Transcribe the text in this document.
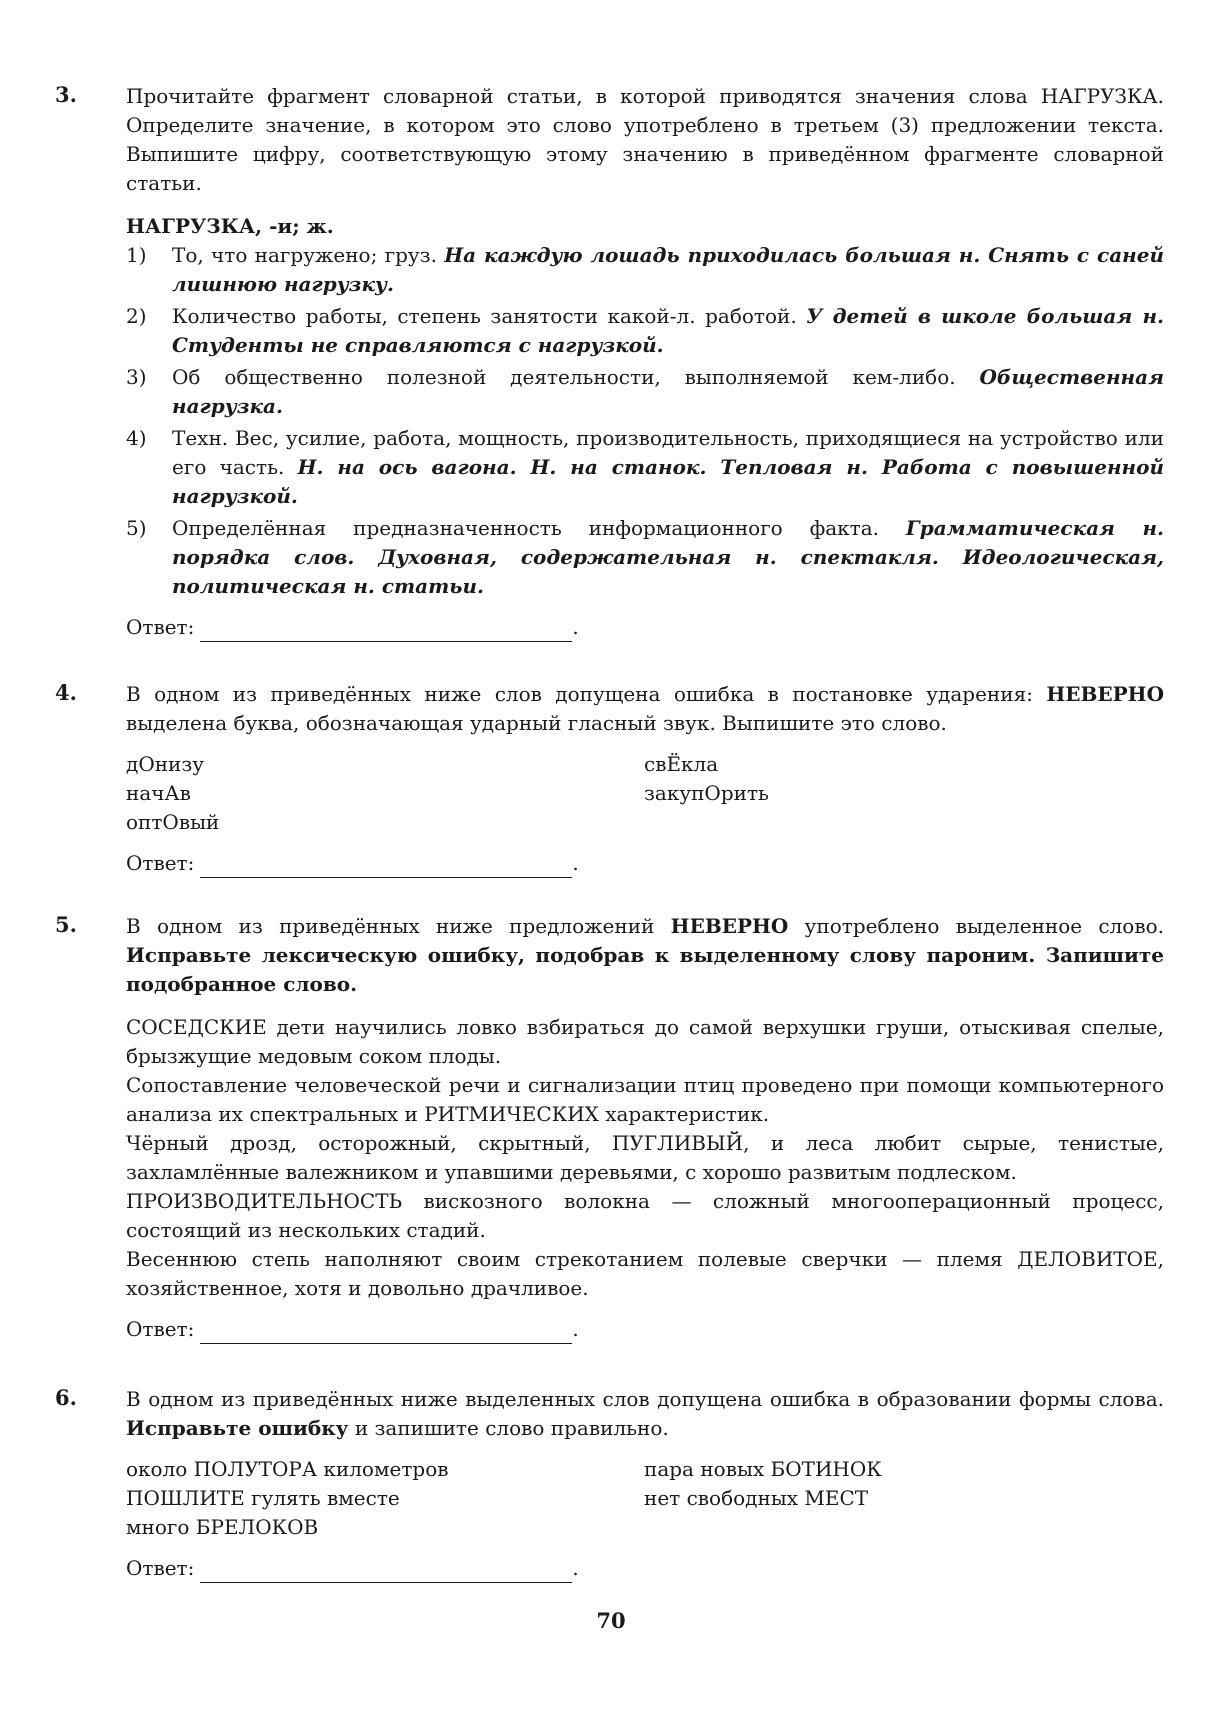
3. Прочитайте фрагмент словарной статьи, в которой приводятся значения слова НАГРУЗКА. Определите значение, в котором это слово употреблено в третьем (3) предложении текста. Выпишите цифру, соответствующую этому значению в приведённом фрагменте словарной статьи.

НАГРУЗКА, -и; ж.
1)	То, что нагружено; груз. На каждую лошадь приходилась большая н. Снять с саней лишнюю нагрузку.
2)	Количество работы, степень занятости какой-л. работой. У детей в школе большая н. Студенты не справляются с нагрузкой.
3)	Об общественно полезной деятельности, выполняемой кем-либо. Общественная нагрузка.
4)	Техн. Вес, усилие, работа, мощность, производительность, приходящиеся на устройство или его часть. Н. на ось вагона. Н. на станок. Тепловая н. Работа с повышенной нагрузкой.
5)	Определённая предназначенность информационного факта. Грамматическая н. порядка слов. Духовная, содержательная н. спектакля. Идеологическая, политическая н. статьи.
Ответ:	.
4. В одном из приведённых ниже слов допущена ошибка в постановке ударения: НЕВЕРНО выделена буква, обозначающая ударный гласный звук. Выпишите это слово.

дОнизу
начАв
оптОвый
свЁкла
закупОрить
Ответ:	.
5. В одном из приведённых ниже предложений НЕВЕРНО употреблено выделенное слово. Исправьте лексическую ошибку, подобрав к выделенному слову пароним. Запишите подобранное слово.

СОСЕДСКИЕ дети научились ловко взбираться до самой верхушки груши, отыскивая спелые, брызжущие медовым соком плоды.

Сопоставление человеческой речи и сигнализации птиц проведено при помощи компьютерного анализа их спектральных и РИТМИЧЕСКИХ характеристик.

Чёрный дрозд, осторожный, скрытный, ПУГЛИВЫЙ, и леса любит сырые, тенистые, захламлённые валежником и упавшими деревьями, с хорошо развитым подлеском.

ПРОИЗВОДИТЕЛЬНОСТЬ вискозного волокна — сложный многооперационный процесс, состоящий из нескольких стадий.

Весеннюю степь наполняют своим стрекотанием полевые сверчки — племя ДЕЛОВИТОЕ, хозяйственное, хотя и довольно драчливое.

Ответ:	.
6. В одном из приведённых ниже выделенных слов допущена ошибка в образовании формы слова. Исправьте ошибку и запишите слово правильно.

около ПОЛУТОРА километров
ПОШЛИТЕ гулять вместе
много БРЕЛОКОВ
пара новых БОТИНОК
нет свободных МЕСТ
Ответ:	.
70
